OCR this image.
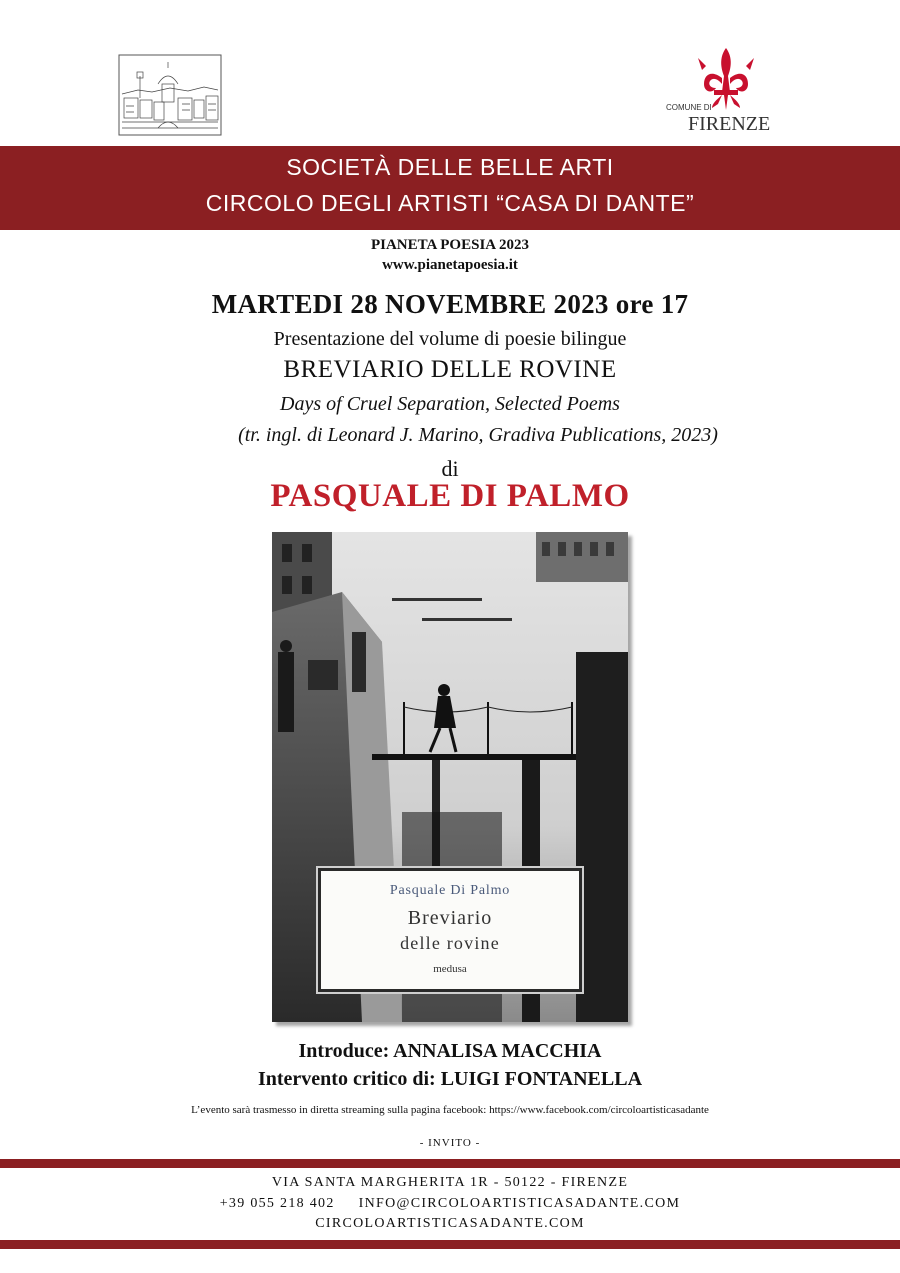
COMUNE DI
FIRENZE
SOCIETÀ DELLE BELLE ARTI
CIRCOLO DEGLI ARTISTI “CASA DI DANTE”
PIANETA POESIA 2023
www.pianetapoesia.it
MARTEDI 28 NOVEMBRE 2023 ore 17
Presentazione del volume di poesie bilingue
BREVIARIO DELLE ROVINE
Days of Cruel Separation, Selected Poems
(tr. ingl. di Leonard J. Marino, Gradiva Publications, 2023)
di
PASQUALE DI PALMO
Pasquale Di Palmo
Breviario
delle rovine
medusa
Introduce: ANNALISA MACCHIA
Intervento critico di: LUIGI FONTANELLA
L’evento sarà trasmesso in diretta streaming sulla pagina facebook: https://www.facebook.com/circoloartisticasadante
- INVITO -
VIA SANTA MARGHERITA 1R - 50122 - FIRENZE
+39 055 218 402     INFO@CIRCOLOARTISTICASADANTE.COM
CIRCOLOARTISTICASADANTE.COM
